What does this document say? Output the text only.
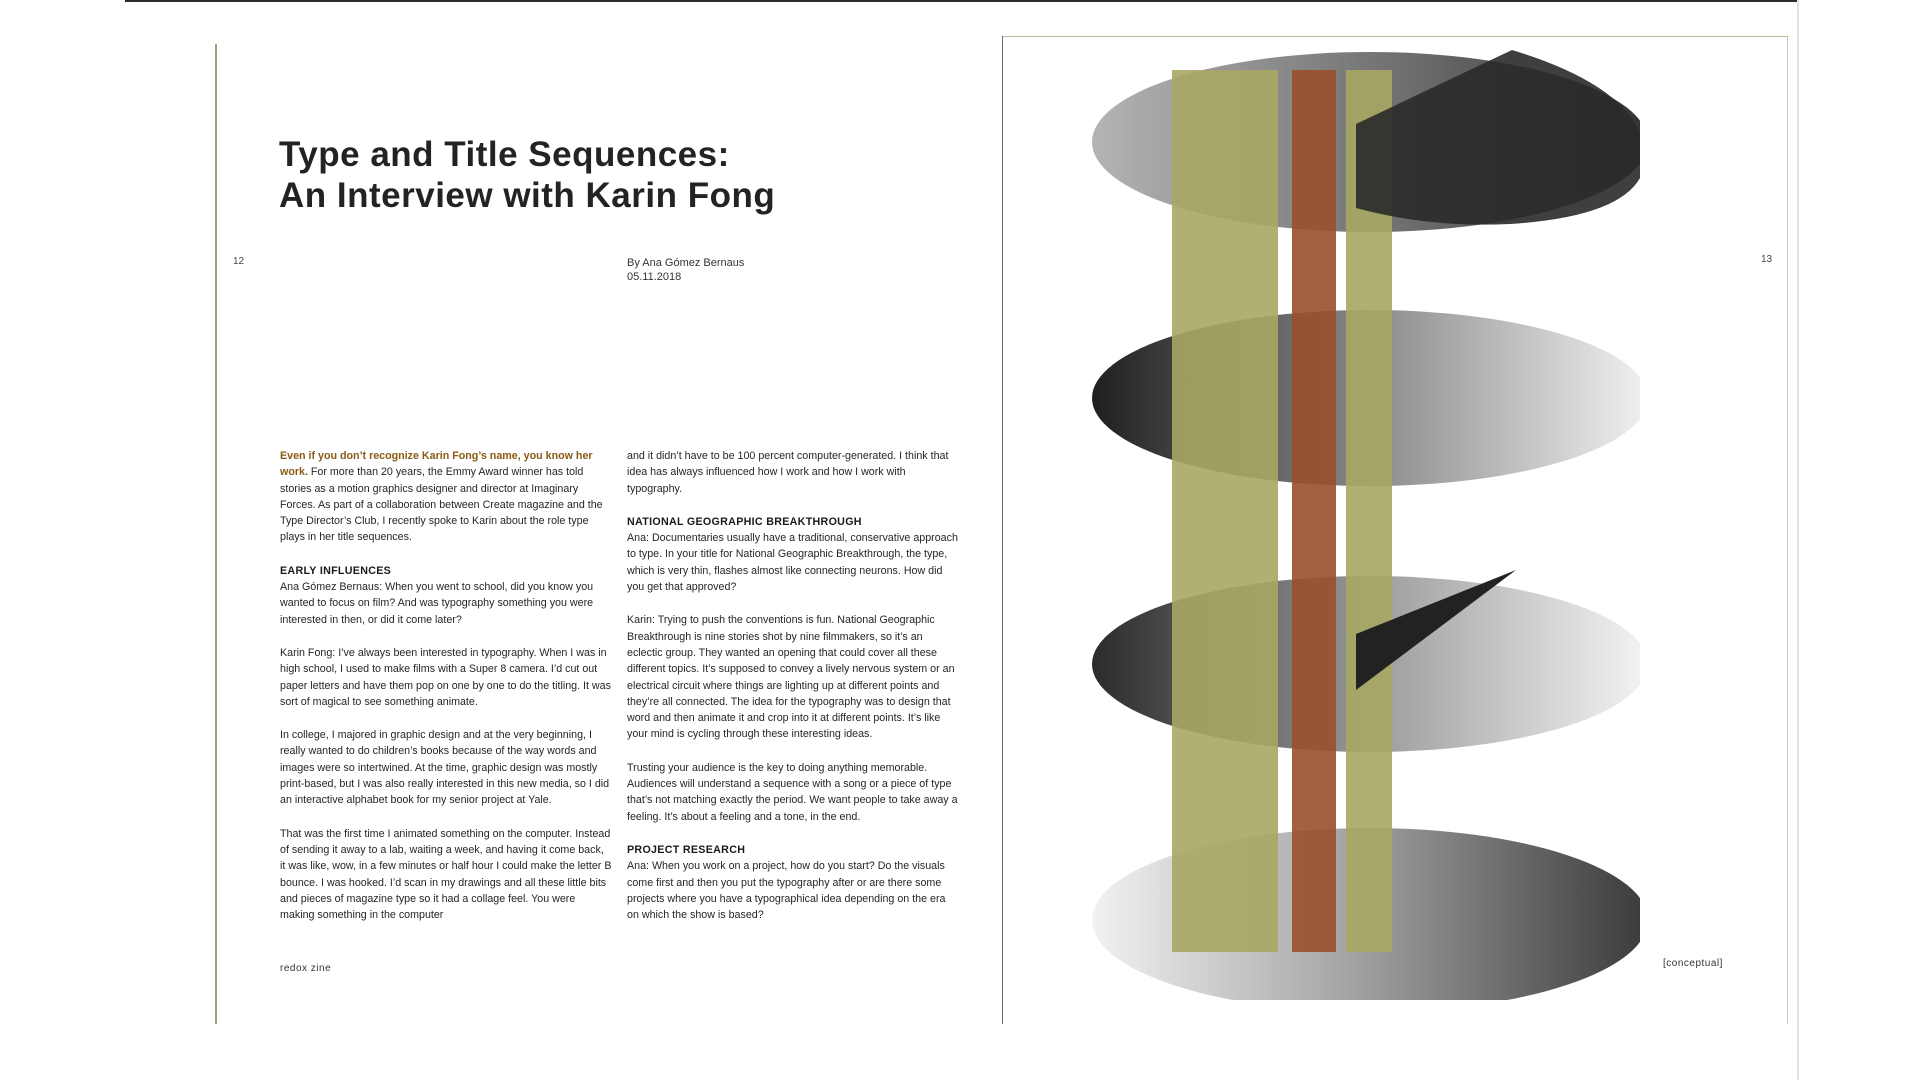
12
Type and Title Sequences:
An Interview with Karin Fong
By Ana Gómez Bernaus
05.11.2018

Even if you don’t recognize Karin Fong’s name, you know her work. For more than 20 years, the Emmy Award winner has told stories as a motion graphics designer and director at Imaginary Forces. As part of a collaboration between Create magazine and the Type Director’s Club, I recently spoke to Karin about the role type plays in her title sequences.

EARLY INFLUENCES

Ana Gómez Bernaus: When you went to school, did you know you wanted to focus on film? And was typography something you were interested in then, or did it come later?

Karin Fong: I’ve always been interested in typography. When I was in high school, I used to make films with a Super 8 camera. I’d cut out paper letters and have them pop on one by one to do the titling. It was sort of magical to see something animate.

In college, I majored in graphic design and at the very beginning, I really wanted to do children’s books because of the way words and images were so intertwined. At the time, graphic design was mostly print-based, but I was also really interested in this new media, so I did an interactive alphabet book for my senior project at Yale.

That was the first time I animated something on the computer. Instead of sending it away to a lab, waiting a week, and having it come back, it was like, wow, in a few minutes or half hour I could make the letter B bounce. I was hooked. I’d scan in my drawings and all these little bits and pieces of magazine type so it had a collage feel. You were making something in the computer

and it didn’t have to be 100 percent computer-generated. I think that idea has always influenced how I work and how I work with typography.

NATIONAL GEOGRAPHIC BREAKTHROUGH

Ana: Documentaries usually have a traditional, conservative approach to type. In your title for National Geographic Breakthrough, the type, which is very thin, flashes almost like connecting neurons. How did you get that approved?

Karin: Trying to push the conventions is fun. National Geographic Breakthrough is nine stories shot by nine filmmakers, so it’s an eclectic group. They wanted an opening that could cover all these different topics. It’s supposed to convey a lively nervous system or an electrical circuit where things are lighting up at different points and they’re all connected. The idea for the typography was to design that word and then animate it and crop into it at different points. It’s like your mind is cycling through these interesting ideas.

Trusting your audience is the key to doing anything memorable. Audiences will understand a sequence with a song or a piece of type that’s not matching exactly the period. We want people to take away a feeling. It’s about a feeling and a tone, in the end.

PROJECT RESEARCH

Ana: When you work on a project, how do you start? Do the visuals come first and then you put the typography after or are there some projects where you have a typographical idea depending on the era on which the show is based?

redox zine
13
[conceptual]
